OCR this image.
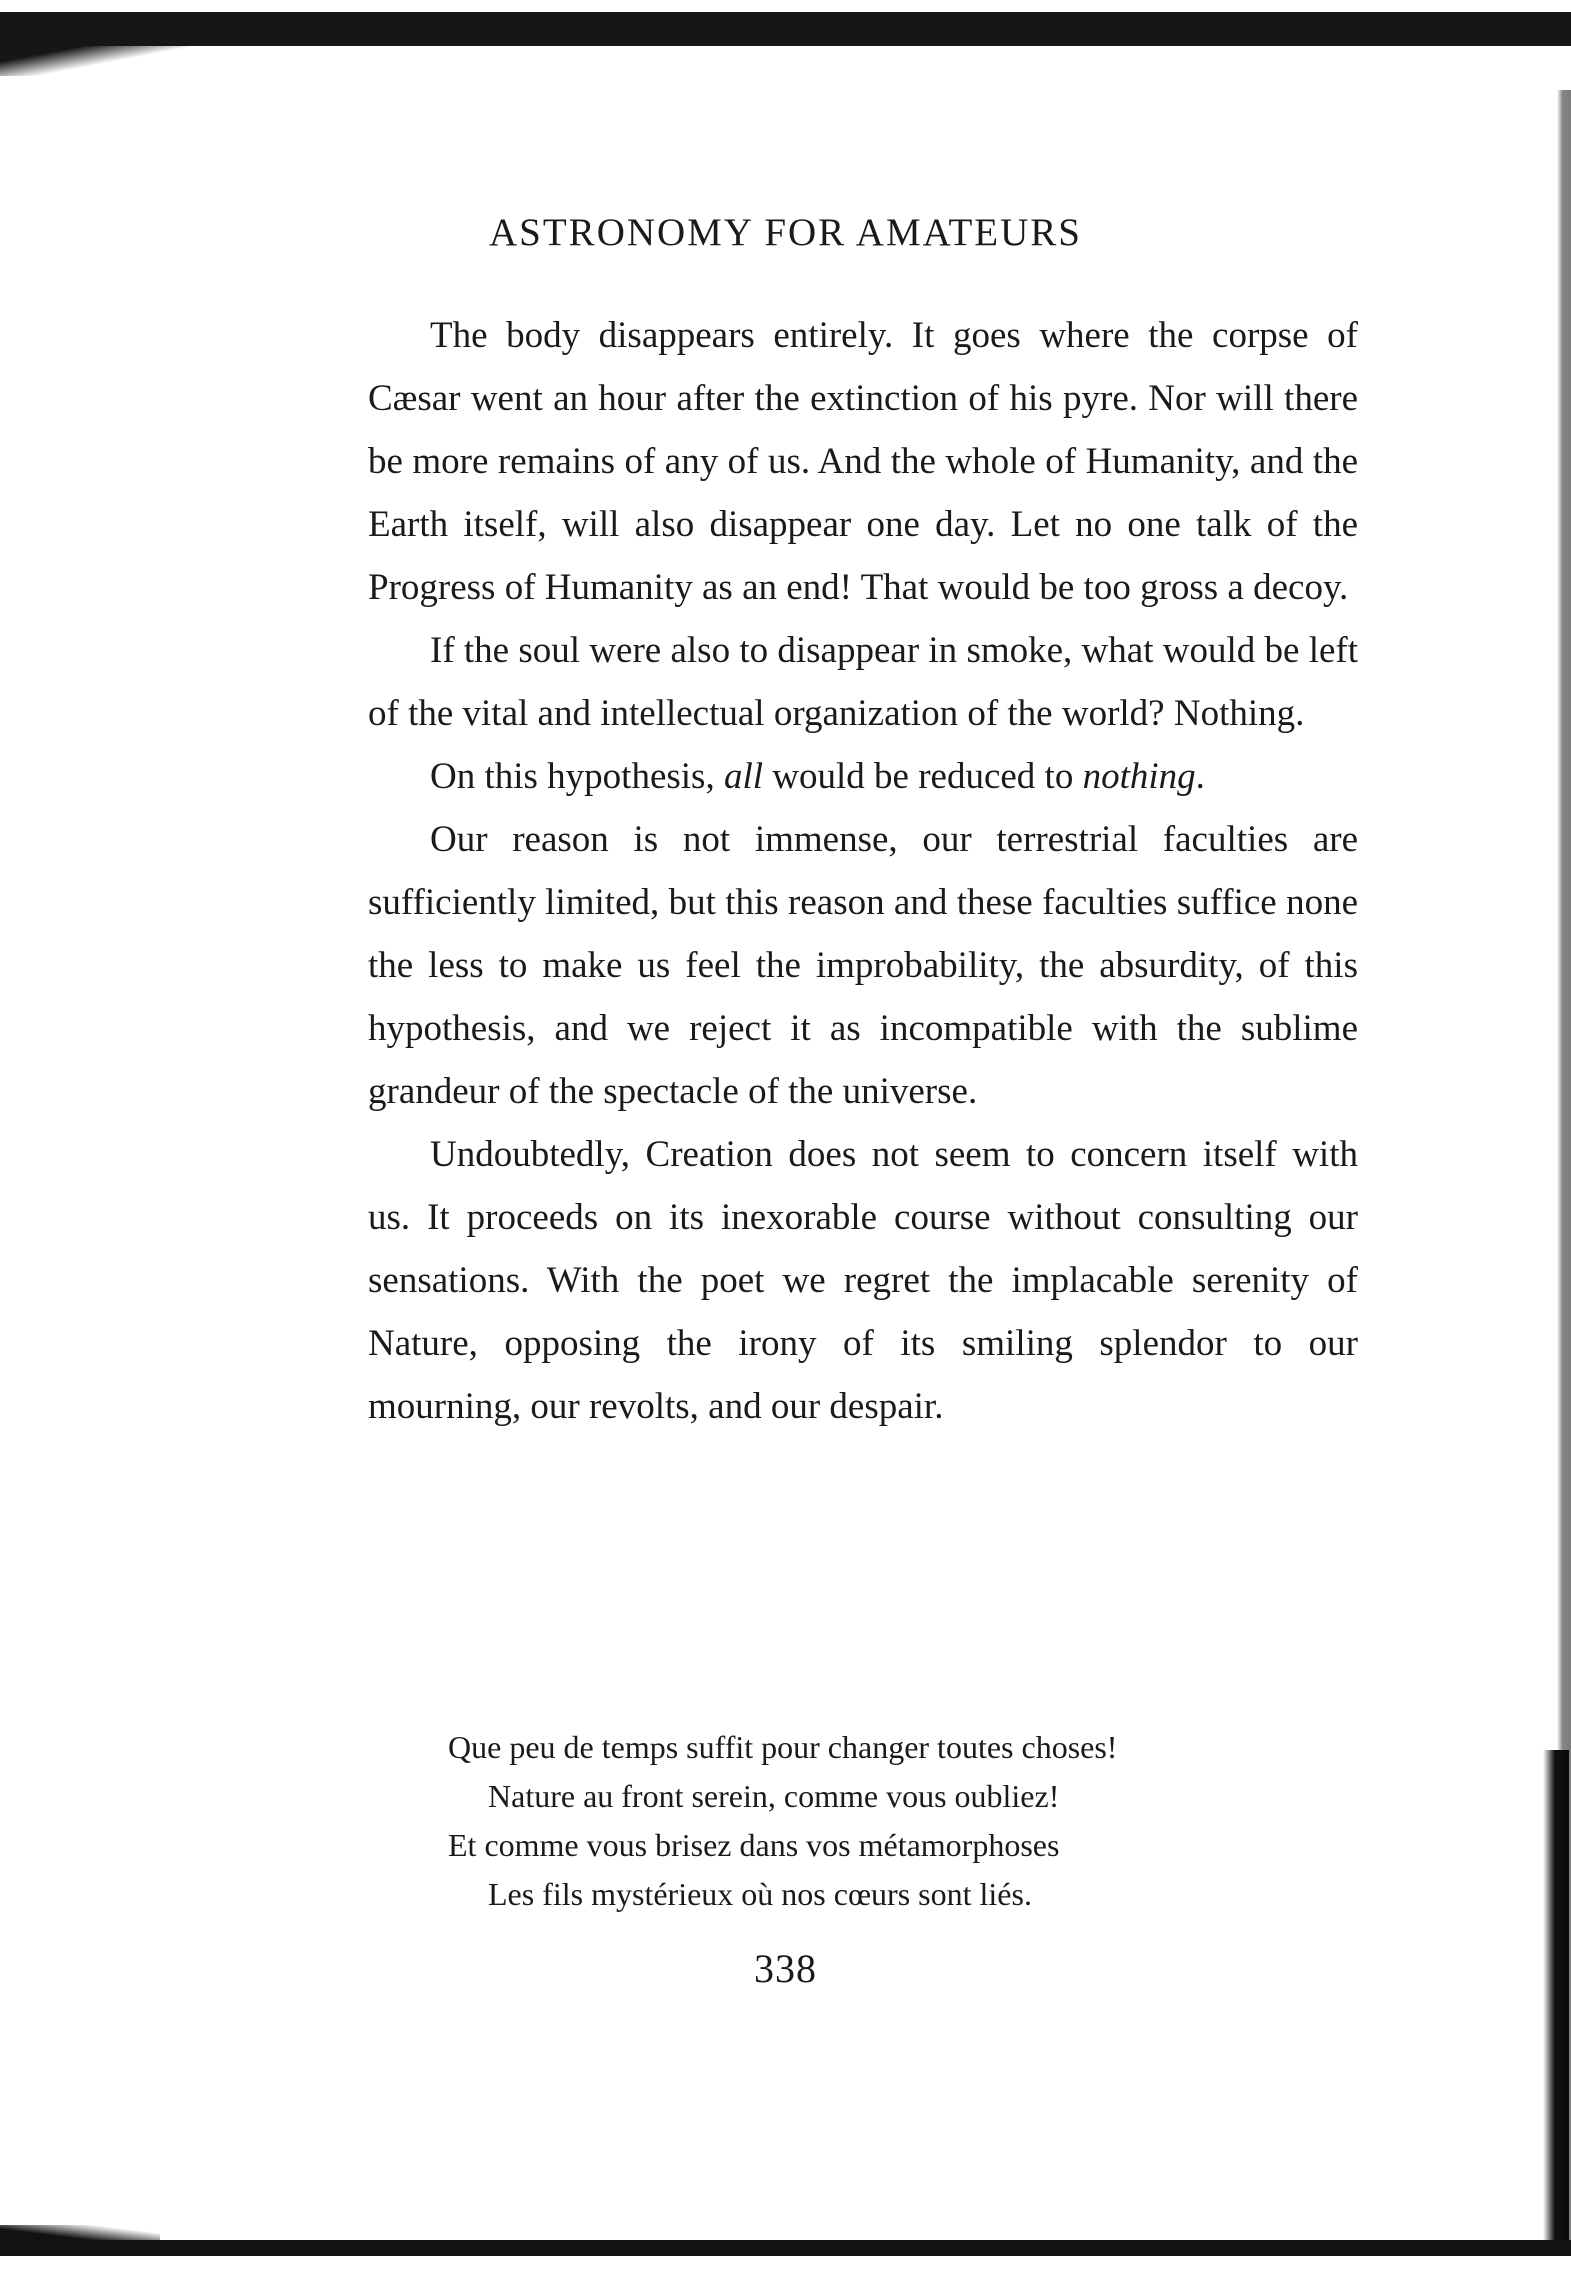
ASTRONOMY FOR AMATEURS

The body disappears entirely. It goes where the corpse of Cæsar went an hour after the extinction of his pyre. Nor will there be more remains of any of us. And the whole of Humanity, and the Earth itself, will also disappear one day. Let no one talk of the Progress of Humanity as an end! That would be too gross a decoy.

If the soul were also to disappear in smoke, what would be left of the vital and intellectual organization of the world? Nothing.

On this hypothesis, all would be reduced to nothing.

Our reason is not immense, our terrestrial faculties are sufficiently limited, but this reason and these faculties suffice none the less to make us feel the improbability, the absurdity, of this hypothesis, and we reject it as incompatible with the sublime grandeur of the spectacle of the universe.

Undoubtedly, Creation does not seem to concern itself with us. It proceeds on its inexorable course without consulting our sensations. With the poet we regret the implacable serenity of Nature, opposing the irony of its smiling splendor to our mourning, our revolts, and our despair.

Que peu de temps suffit pour changer toutes choses!
Nature au front serein, comme vous oubliez!
Et comme vous brisez dans vos métamorphoses
Les fils mystérieux où nos cœurs sont liés.
338
